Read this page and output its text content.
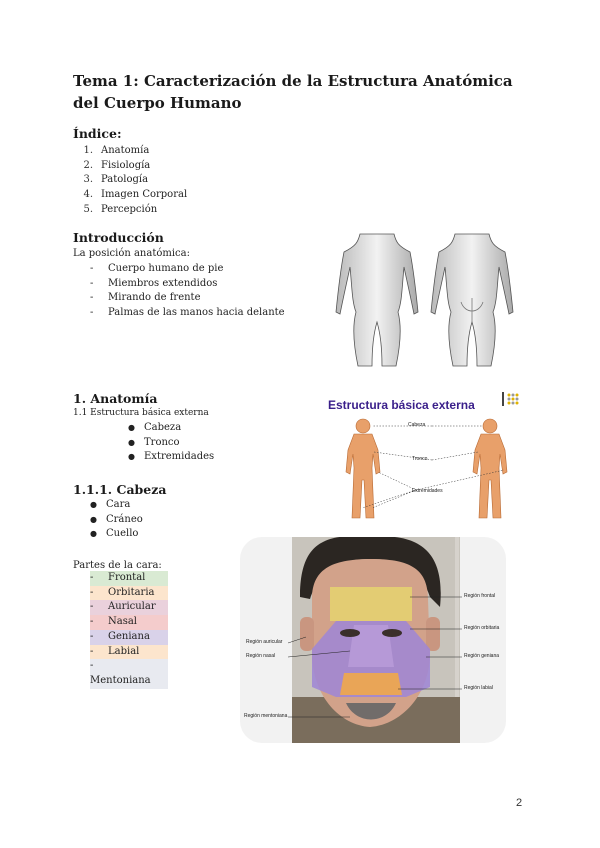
Tema 1: Caracterización de la Estructura Anatómica del Cuerpo Humano
Índice:
1. Anatomía
2. Fisiología
3. Patología
4. Imagen Corporal
5. Percepción
Introducción

La posición anatómica:

- Cuerpo humano de pie
- Miembros extendidos
- Mirando de frente
- Palmas de las manos hacia delante
1. Anatomía

1.1 Estructura básica externa

● Cabeza
● Tronco
● Extremidades
Estructura básica externa
Cabeza
Tronco
Extremidades
1.1.1. Cabeza
● Cara
● Cráneo
● Cuello

Partes de la cara:

- Frontal
- Orbitaria
- Auricular
- Nasal
- Geniana
- Labial
-Mentoniana
Región frontal
Región orbitaria
Región geniana
Región labial
Región auricular
Región nasal
Región mentoniana
2
